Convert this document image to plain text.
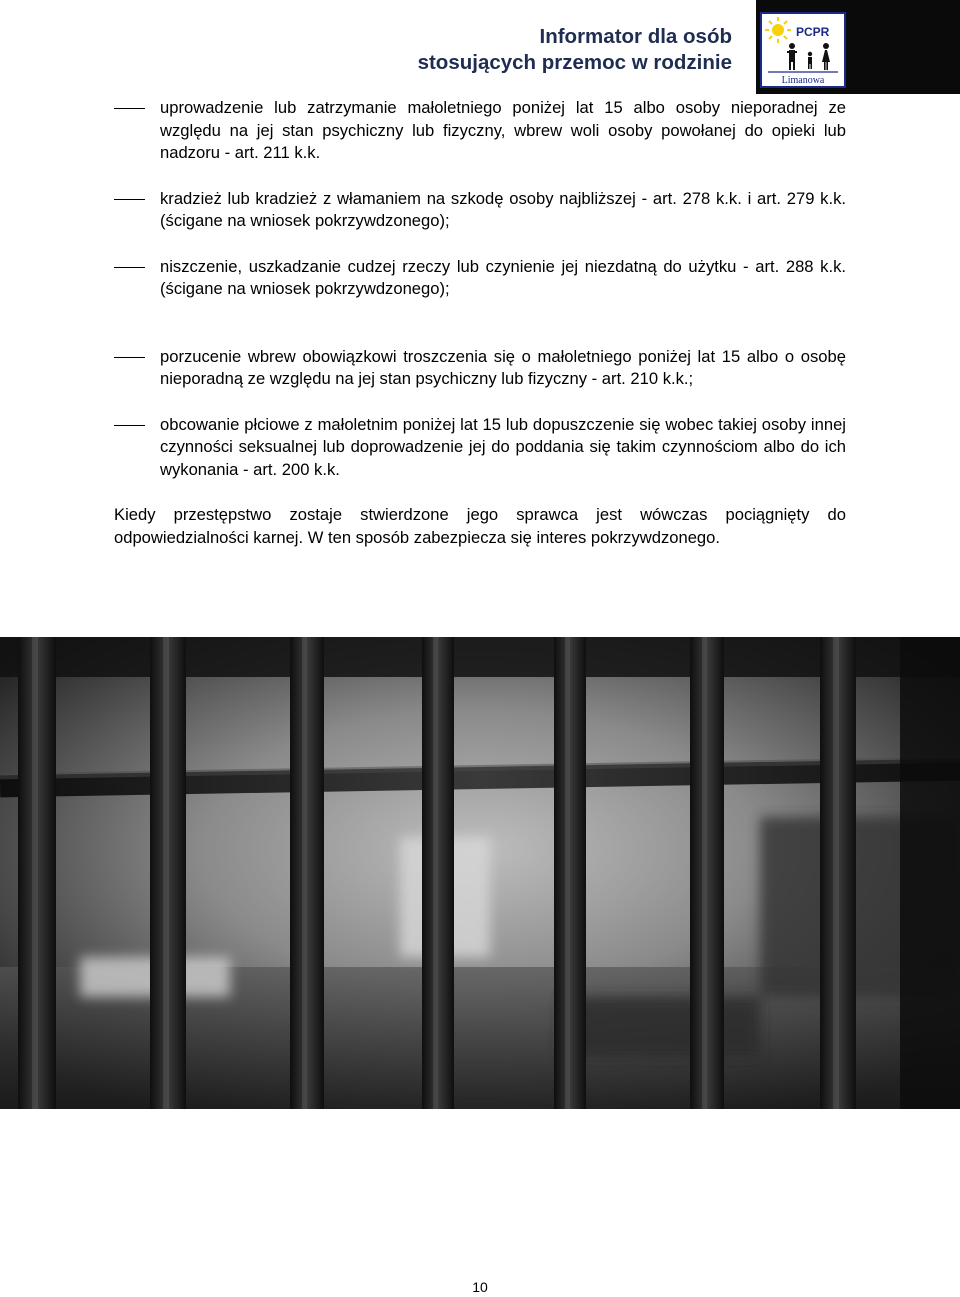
Informator dla osób
stosujących przemoc w rodzinie
PCPR
Limanowa

uprowadzenie lub zatrzymanie małoletniego poniżej lat 15 albo osoby nieporadnej ze względu na jej stan psychiczny lub fizyczny, wbrew woli osoby powołanej do opieki lub nadzoru - art. 211 k.k.

kradzież lub kradzież z włamaniem na szkodę osoby najbliższej - art. 278 k.k. i art. 279 k.k. (ścigane na wniosek pokrzywdzonego);

niszczenie, uszkadzanie cudzej rzeczy lub czynienie jej niezdatną do użytku - art. 288 k.k. (ścigane na wniosek pokrzywdzonego);

porzucenie wbrew obowiązkowi troszczenia się o małoletniego poniżej lat 15 albo o osobę nieporadną ze względu na jej stan psychiczny lub fizyczny - art. 210 k.k.;

obcowanie płciowe z małoletnim poniżej lat 15 lub dopuszczenie się wobec takiej osoby innej czynności seksualnej lub doprowadzenie jej do poddania się takim czynnościom albo do ich wykonania - art. 200 k.k.

Kiedy przestępstwo zostaje stwierdzone jego sprawca jest wówczas pociągnięty do odpowiedzialności karnej. W ten sposób zabezpiecza się interes pokrzywdzonego.

10
